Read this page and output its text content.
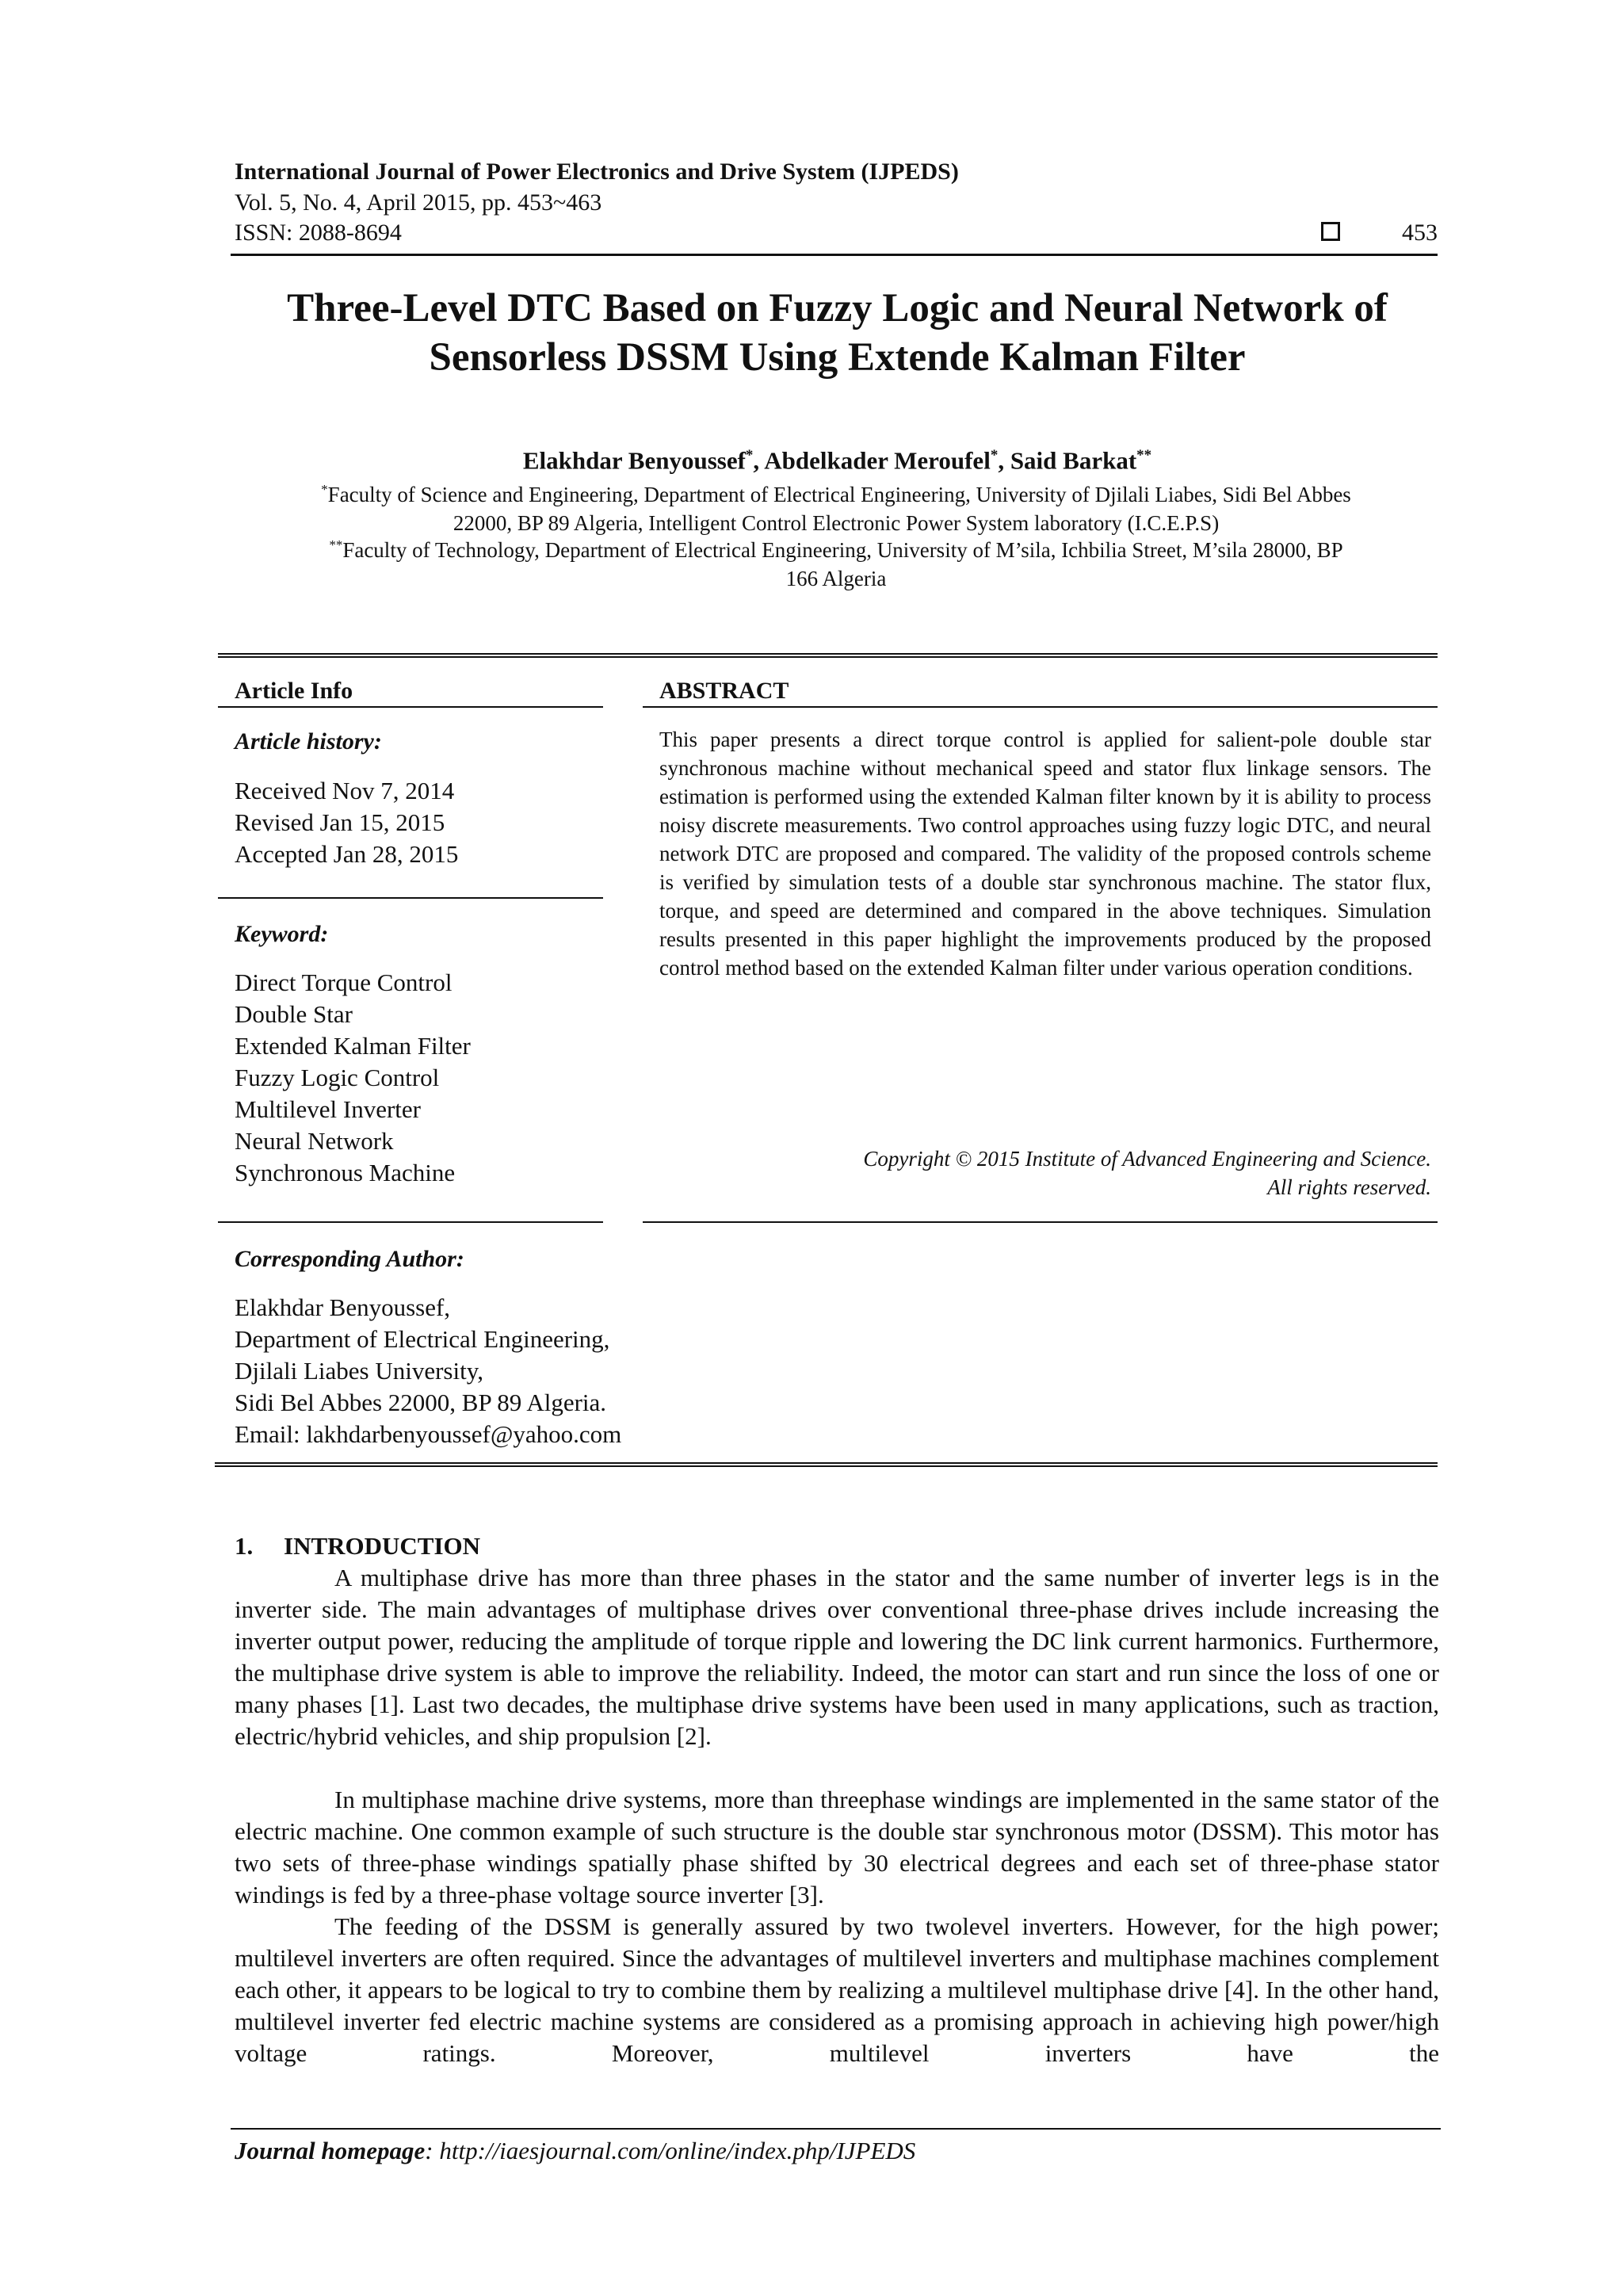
International Journal of Power Electronics and Drive System (IJPEDS)
Vol. 5, No. 4, April 2015, pp. 453~463
ISSN: 2088-8694	453
Three-Level DTC Based on Fuzzy Logic and Neural Network of
Sensorless DSSM Using Extende Kalman Filter
Elakhdar Benyoussef*, Abdelkader Meroufel*, Said Barkat**
*Faculty of Science and Engineering, Department of Electrical Engineering, University of Djilali Liabes, Sidi Bel Abbes
22000, BP 89 Algeria, Intelligent Control Electronic Power System laboratory (I.C.E.P.S)
**Faculty of Technology, Department of Electrical Engineering, University of M’sila, Ichbilia Street, M’sila 28000, BP
166 Algeria
Article Info
Article history:
Received Nov 7, 2014
Revised Jan 15, 2015
Accepted Jan 28, 2015
Keyword:
Direct Torque Control
Double Star
Extended Kalman Filter
Fuzzy Logic Control
Multilevel Inverter
Neural Network
Synchronous Machine
Corresponding Author:
Elakhdar Benyoussef,
Department of Electrical Engineering,
Djilali Liabes University,
Sidi Bel Abbes 22000, BP 89 Algeria.
Email: lakhdarbenyoussef@yahoo.com
ABSTRACT
This paper presents a direct torque control is applied for salient-pole double star synchronous machine without mechanical speed and stator flux linkage sensors. The estimation is performed using the extended Kalman filter known by it is ability to process noisy discrete measurements. Two control approaches using fuzzy logic DTC, and neural network DTC are proposed and compared. The validity of the proposed controls scheme is verified by simulation tests of a double star synchronous machine. The stator flux, torque, and speed are determined and compared in the above techniques. Simulation results presented in this paper highlight the improvements produced by the proposed control method based on the extended Kalman filter under various operation conditions.
Copyright © 2015 Institute of Advanced Engineering and Science.
All rights reserved.
1. INTRODUCTION

A multiphase drive has more than three phases in the stator and the same number of inverter legs is in the inverter side. The main advantages of multiphase drives over conventional three-phase drives include increasing the inverter output power, reducing the amplitude of torque ripple and lowering the DC link current harmonics. Furthermore, the multiphase drive system is able to improve the reliability. Indeed, the motor can start and run since the loss of one or many phases [1]. Last two decades, the multiphase drive systems have been used in many applications, such as traction, electric/hybrid vehicles, and ship propulsion [2].

In multiphase machine drive systems, more than threephase windings are implemented in the same stator of the electric machine. One common example of such structure is the double star synchronous motor (DSSM). This motor has two sets of three-phase windings spatially phase shifted by 30 electrical degrees and each set of three-phase stator windings is fed by a three-phase voltage source inverter [3].

The feeding of the DSSM is generally assured by two twolevel inverters. However, for the high power; multilevel inverters are often required. Since the advantages of multilevel inverters and multiphase machines complement each other, it appears to be logical to try to combine them by realizing a multilevel multiphase drive [4]. In the other hand, multilevel inverter fed electric machine systems are considered as a promising approach in achieving high power/high voltage ratings. Moreover, multilevel inverters have the

Journal homepage: http://iaesjournal.com/online/index.php/IJPEDS
